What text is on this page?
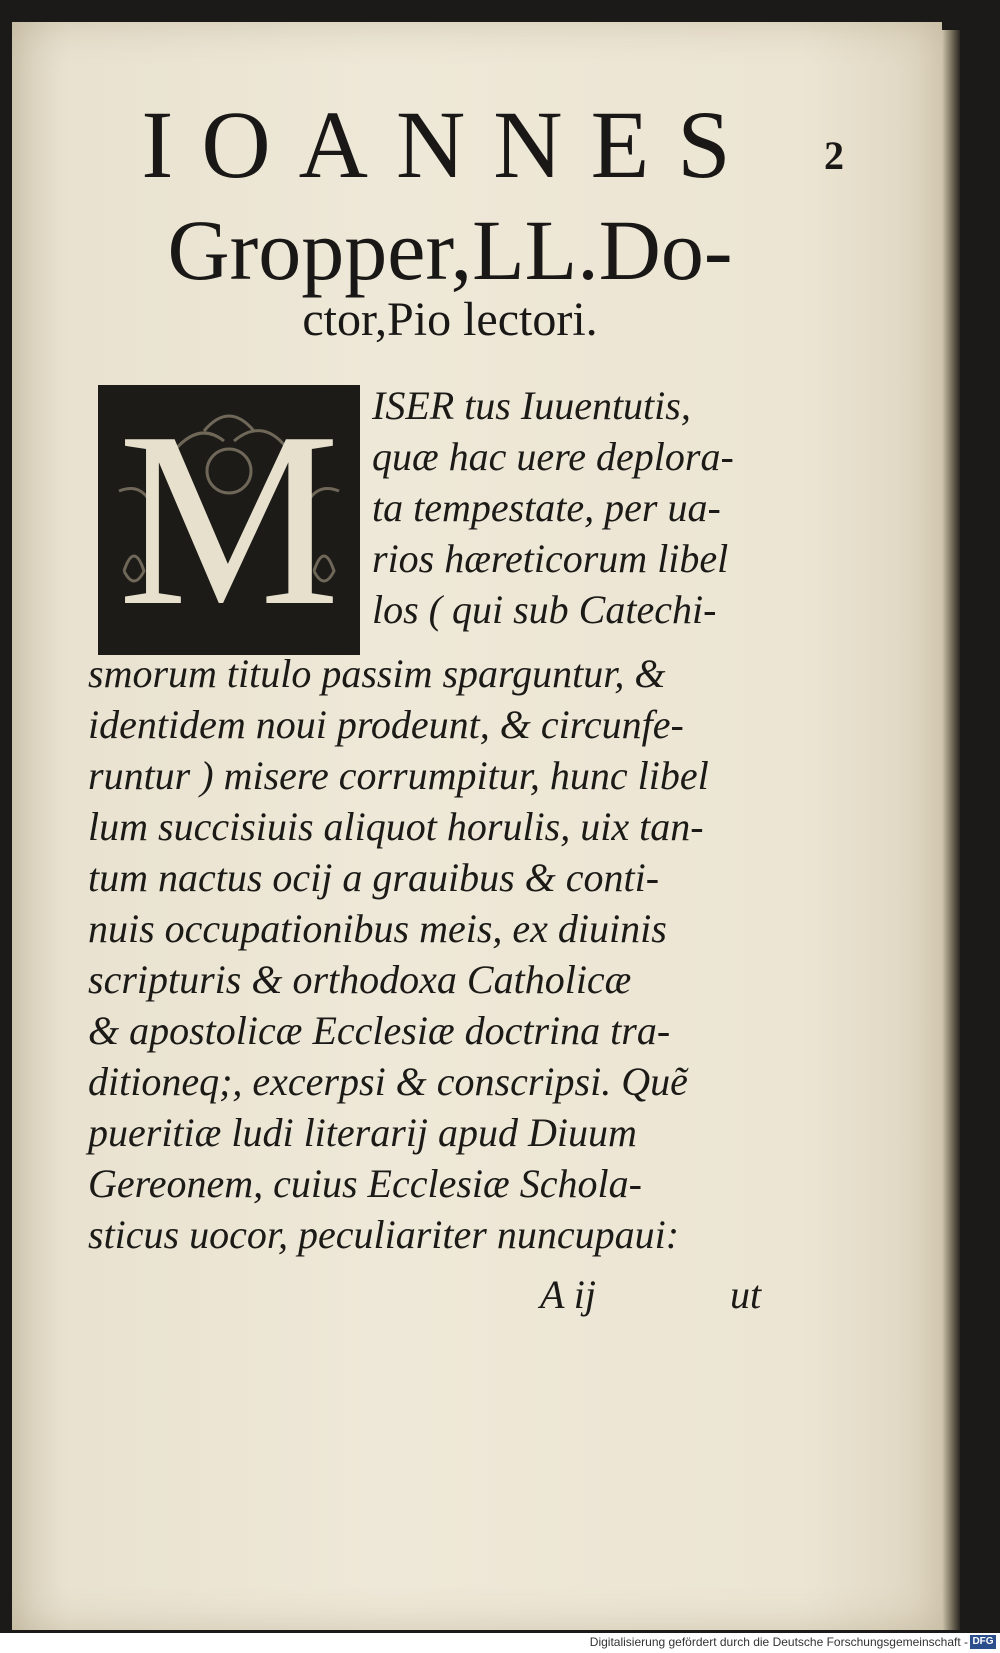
2
IOANNES
Gropper,LL.Do-
ctor,Pio lectori.
M ISER tus Iuuentutis,
quæ hac uere deplora-
ta tempestate, per ua-
rios hæreticorum libel
los ( qui sub Catechi-
smorum titulo passim sparguntur, &
identidem noui prodeunt, & circunfe-
runtur ) misere corrumpitur, hunc libel
lum succisiuis aliquot horulis, uix tan-
tum nactus ocij a grauibus & conti-
nuis occupationibus meis, ex diuinis
scripturis & orthodoxa Catholicæ
& apostolicæ Ecclesiæ doctrina tra-
ditioneq;, excerpsi & conscripsi. Quẽ
pueritiæ ludi literarij apud Diuum
Gereonem, cuius Ecclesiæ Schola-
sticus uocor, peculiariter nuncupaui:
A ij	ut
Digitalisierung gefördert durch die Deutsche Forschungsgemeinschaft - DFG
